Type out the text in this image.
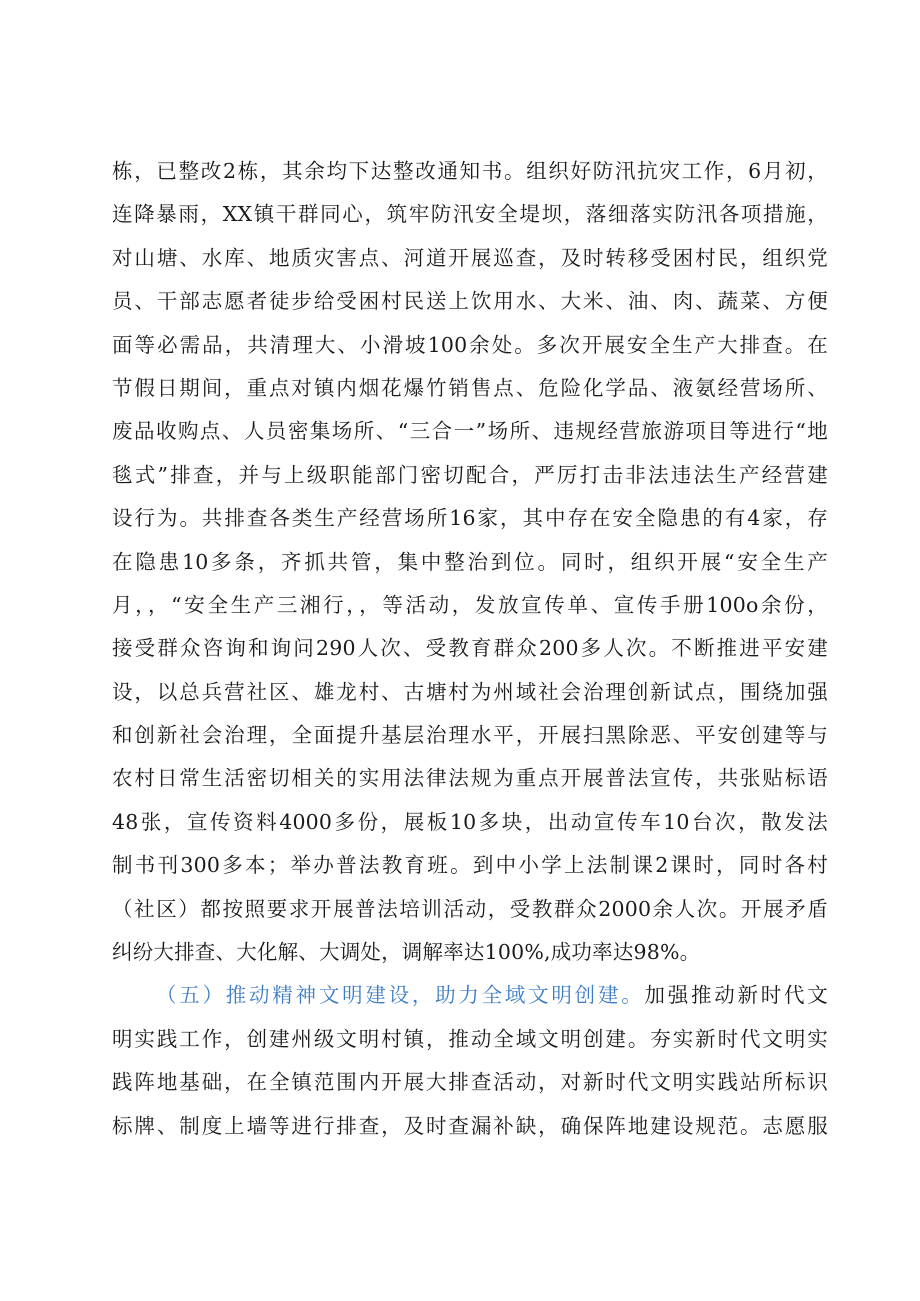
栋，已整改2栋，其余均下达整改通知书。组织好防汛抗灾工作，6月初，
连降暴雨，XX镇干群同心，筑牢防汛安全堤坝，落细落实防汛各项措施，
对山塘、水库、地质灾害点、河道开展巡查，及时转移受困村民，组织党
员、干部志愿者徒步给受困村民送上饮用水、大米、油、肉、蔬菜、方便
面等必需品，共清理大、小滑坡100余处。多次开展安全生产大排查。在
节假日期间，重点对镇内烟花爆竹销售点、危险化学品、液氨经营场所、
废品收购点、人员密集场所、“三合一”场所、违规经营旅游项目等进行“地
毯式”排查，并与上级职能部门密切配合，严厉打击非法违法生产经营建
设行为。共排查各类生产经营场所16家，其中存在安全隐患的有4家，存
在隐患10多条，齐抓共管，集中整治到位。同时，组织开展“安全生产
月，，“安全生产三湘行，，等活动，发放宣传单、宣传手册100o余份，
接受群众咨询和询问290人次、受教育群众200多人次。不断推进平安建
设，以总兵营社区、雄龙村、古塘村为州域社会治理创新试点，围绕加强
和创新社会治理，全面提升基层治理水平，开展扫黑除恶、平安创建等与
农村日常生活密切相关的实用法律法规为重点开展普法宣传，共张贴标语
48张，宣传资料4000多份，展板10多块，出动宣传车10台次，散发法
制书刊300多本；举办普法教育班。到中小学上法制课2课时，同时各村
（社区）都按照要求开展普法培训活动，受教群众2000余人次。开展矛盾
纠纷大排查、大化解、大调处，调解率达100%,成功率达98%。
（五）推动精神文明建设，助力全域文明创建。加强推动新时代文
明实践工作，创建州级文明村镇，推动全域文明创建。夯实新时代文明实
践阵地基础，在全镇范围内开展大排查活动，对新时代文明实践站所标识
标牌、制度上墙等进行排查，及时查漏补缺，确保阵地建设规范。志愿服
